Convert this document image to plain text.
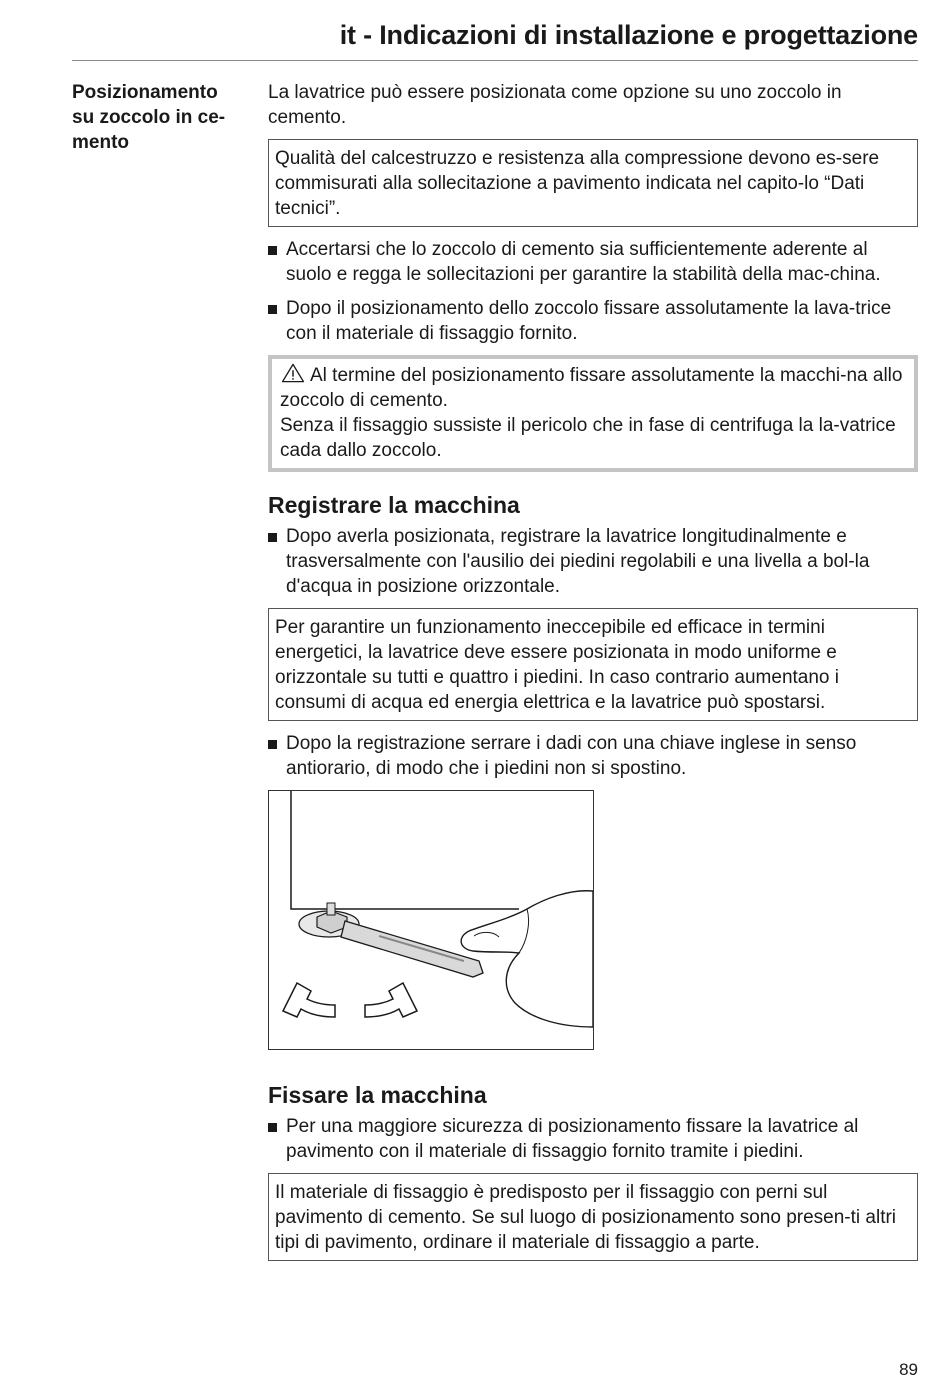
it - Indicazioni di installazione e progettazione
Posizionamento
su zoccolo in ce-
mento

La lavatrice può essere posizionata come opzione su uno zoccolo in cemento.

Qualità del calcestruzzo e resistenza alla compressione devono es-sere commisurati alla sollecitazione a pavimento indicata nel capito-lo “Dati tecnici”.

Accertarsi che lo zoccolo di cemento sia sufficientemente aderente al suolo e regga le sollecitazioni per garantire la stabilità della mac-china.
Dopo il posizionamento dello zoccolo fissare assolutamente la lava-trice con il materiale di fissaggio fornito.

Al termine del posizionamento fissare assolutamente la macchi-na allo zoccolo di cemento.

Senza il fissaggio sussiste il pericolo che in fase di centrifuga la la-vatrice cada dallo zoccolo.

Registrare la macchina

Dopo averla posizionata, registrare la lavatrice longitudinalmente e trasversalmente con l'ausilio dei piedini regolabili e una livella a bol-la d'acqua in posizione orizzontale.

Per garantire un funzionamento ineccepibile ed efficace in termini energetici, la lavatrice deve essere posizionata in modo uniforme e orizzontale su tutti e quattro i piedini. In caso contrario aumentano i consumi di acqua ed energia elettrica e la lavatrice può spostarsi.

Dopo la registrazione serrare i dadi con una chiave inglese in senso antiorario, di modo che i piedini non si spostino.

Fissare la macchina

Per una maggiore sicurezza di posizionamento fissare la lavatrice al pavimento con il materiale di fissaggio fornito tramite i piedini.

Il materiale di fissaggio è predisposto per il fissaggio con perni sul pavimento di cemento. Se sul luogo di posizionamento sono presen-ti altri tipi di pavimento, ordinare il materiale di fissaggio a parte.

89
